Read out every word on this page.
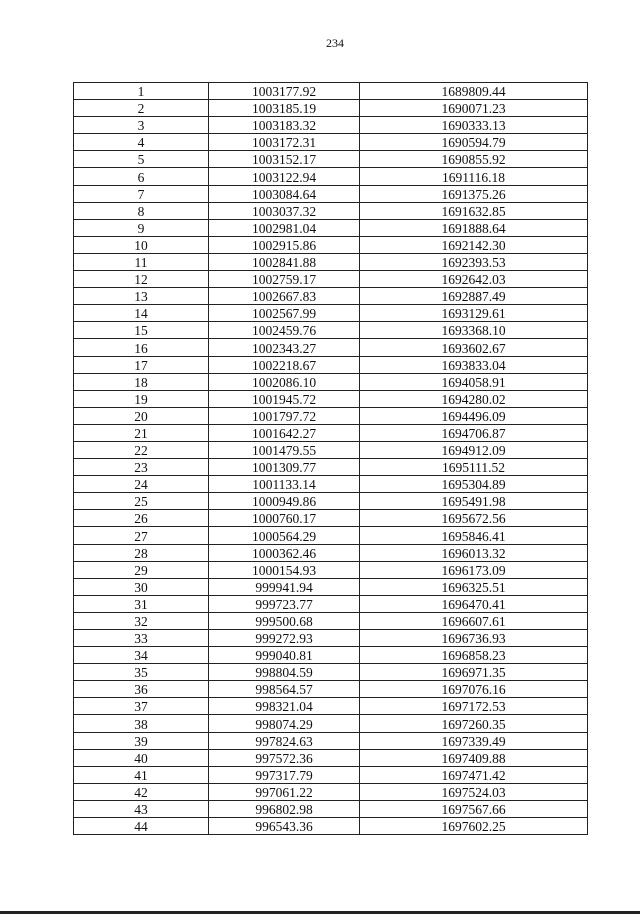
234
1	1003177.92	1689809.44
2	1003185.19	1690071.23
3	1003183.32	1690333.13
4	1003172.31	1690594.79
5	1003152.17	1690855.92
6	1003122.94	1691116.18
7	1003084.64	1691375.26
8	1003037.32	1691632.85
9	1002981.04	1691888.64
10	1002915.86	1692142.30
11	1002841.88	1692393.53
12	1002759.17	1692642.03
13	1002667.83	1692887.49
14	1002567.99	1693129.61
15	1002459.76	1693368.10
16	1002343.27	1693602.67
17	1002218.67	1693833.04
18	1002086.10	1694058.91
19	1001945.72	1694280.02
20	1001797.72	1694496.09
21	1001642.27	1694706.87
22	1001479.55	1694912.09
23	1001309.77	1695111.52
24	1001133.14	1695304.89
25	1000949.86	1695491.98
26	1000760.17	1695672.56
27	1000564.29	1695846.41
28	1000362.46	1696013.32
29	1000154.93	1696173.09
30	999941.94	1696325.51
31	999723.77	1696470.41
32	999500.68	1696607.61
33	999272.93	1696736.93
34	999040.81	1696858.23
35	998804.59	1696971.35
36	998564.57	1697076.16
37	998321.04	1697172.53
38	998074.29	1697260.35
39	997824.63	1697339.49
40	997572.36	1697409.88
41	997317.79	1697471.42
42	997061.22	1697524.03
43	996802.98	1697567.66
44	996543.36	1697602.25
